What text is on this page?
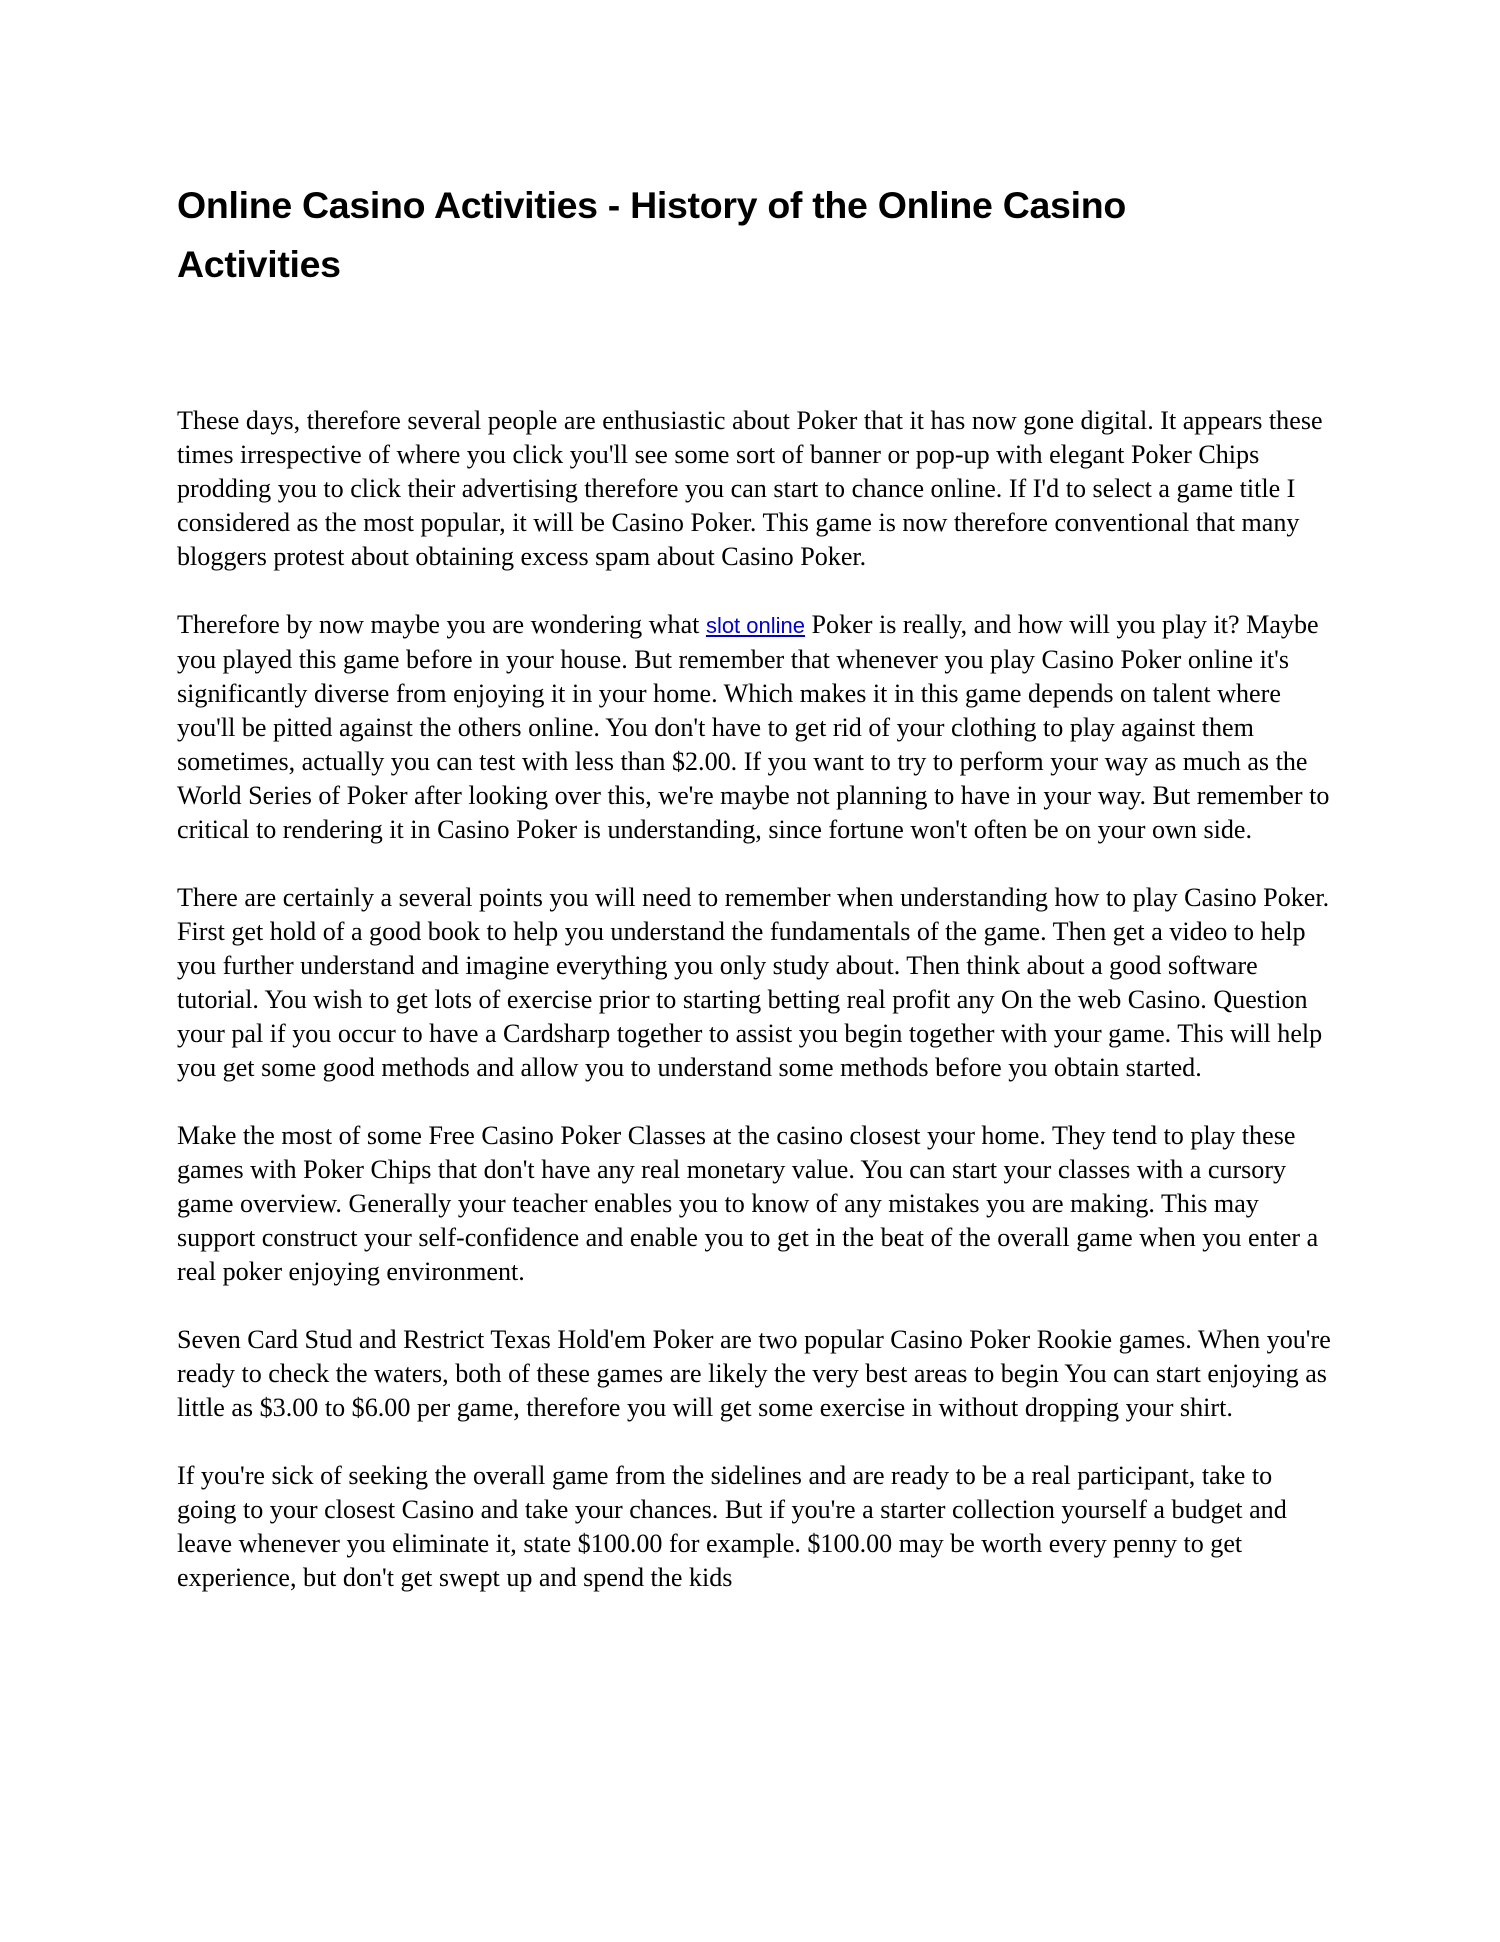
Online Casino Activities - History of the Online Casino Activities

These days, therefore several people are enthusiastic about Poker that it has now gone digital. It appears these times irrespective of where you click you'll see some sort of banner or pop-up with elegant Poker Chips prodding you to click their advertising therefore you can start to chance online. If I'd to select a game title I considered as the most popular, it will be Casino Poker. This game is now therefore conventional that many bloggers protest about obtaining excess spam about Casino Poker.

Therefore by now maybe you are wondering what slot online Poker is really, and how will you play it? Maybe you played this game before in your house. But remember that whenever you play Casino Poker online it's significantly diverse from enjoying it in your home. Which makes it in this game depends on talent where you'll be pitted against the others online. You don't have to get rid of your clothing to play against them sometimes, actually you can test with less than $2.00. If you want to try to perform your way as much as the World Series of Poker after looking over this, we're maybe not planning to have in your way. But remember to critical to rendering it in Casino Poker is understanding, since fortune won't often be on your own side.

There are certainly a several points you will need to remember when understanding how to play Casino Poker. First get hold of a good book to help you understand the fundamentals of the game. Then get a video to help you further understand and imagine everything you only study about. Then think about a good software tutorial. You wish to get lots of exercise prior to starting betting real profit any On the web Casino. Question your pal if you occur to have a Cardsharp together to assist you begin together with your game. This will help you get some good methods and allow you to understand some methods before you obtain started.

Make the most of some Free Casino Poker Classes at the casino closest your home. They tend to play these games with Poker Chips that don't have any real monetary value. You can start your classes with a cursory game overview. Generally your teacher enables you to know of any mistakes you are making. This may support construct your self-confidence and enable you to get in the beat of the overall game when you enter a real poker enjoying environment.

Seven Card Stud and Restrict Texas Hold'em Poker are two popular Casino Poker Rookie games. When you're ready to check the waters, both of these games are likely the very best areas to begin You can start enjoying as little as $3.00 to $6.00 per game, therefore you will get some exercise in without dropping your shirt.

If you're sick of seeking the overall game from the sidelines and are ready to be a real participant, take to going to your closest Casino and take your chances. But if you're a starter collection yourself a budget and leave whenever you eliminate it, state $100.00 for example. $100.00 may be worth every penny to get experience, but don't get swept up and spend the kids
